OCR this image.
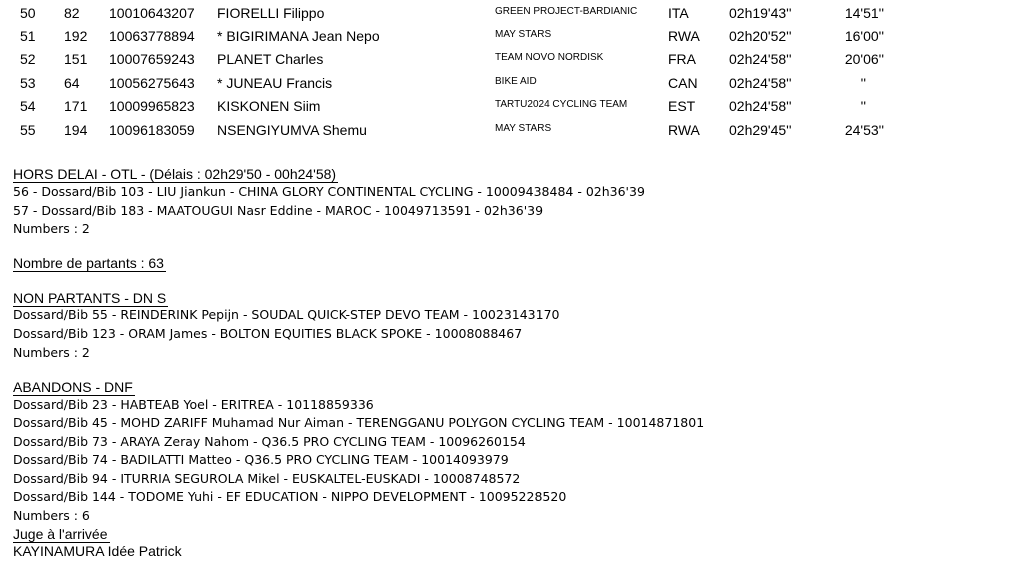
50 82 10010643207 FIORELLI Filippo	GREEN PROJECT-BARDIANIC ITA	02h19'43''	14'51''
51 192 10063778894 * BIGIRIMANA Jean Nepo	MAY STARS	RWA 02h20'52''	16'00''
52 151 10007659243 PLANET Charles	TEAM NOVO NORDISK	FRA 02h24'58''	20'06''
53 64 10056275643 * JUNEAU Francis	BIKE AID	CAN 02h24'58''	''
54 171 10009965823 KISKONEN Siim	TARTU2024 CYCLING TEAM	EST 02h24'58''	''
55 194 10096183059 NSENGIYUMVA Shemu	MAY STARS	RWA 02h29'45''	24'53''
HORS DELAI - OTL - (Délais : 02h29'50 - 00h24'58)
56 - Dossard/Bib 103 - LIU Jiankun - CHINA GLORY CONTINENTAL CYCLING - 10009438484 - 02h36'39
57 - Dossard/Bib 183 - MAATOUGUI Nasr Eddine - MAROC - 10049713591 - 02h36'39
Numbers : 2
Nombre de partants : 63
NON PARTANTS - DN S
Dossard/Bib 55 - REINDERINK Pepijn - SOUDAL QUICK-STEP DEVO TEAM - 10023143170
Dossard/Bib 123 - ORAM James - BOLTON EQUITIES BLACK SPOKE - 10008088467
Numbers : 2
ABANDONS - DNF
Dossard/Bib 23 - HABTEAB Yoel - ERITREA - 10118859336
Dossard/Bib 45 - MOHD ZARIFF Muhamad Nur Aiman - TERENGGANU POLYGON CYCLING TEAM - 10014871801
Dossard/Bib 73 - ARAYA Zeray Nahom - Q36.5 PRO CYCLING TEAM - 10096260154
Dossard/Bib 74 - BADILATTI Matteo - Q36.5 PRO CYCLING TEAM - 10014093979
Dossard/Bib 94 - ITURRIA SEGUROLA Mikel - EUSKALTEL-EUSKADI - 10008748572
Dossard/Bib 144 - TODOME Yuhi - EF EDUCATION - NIPPO DEVELOPMENT - 10095228520
Numbers : 6
Juge à l'arrivée
KAYINAMURA Idée Patrick
